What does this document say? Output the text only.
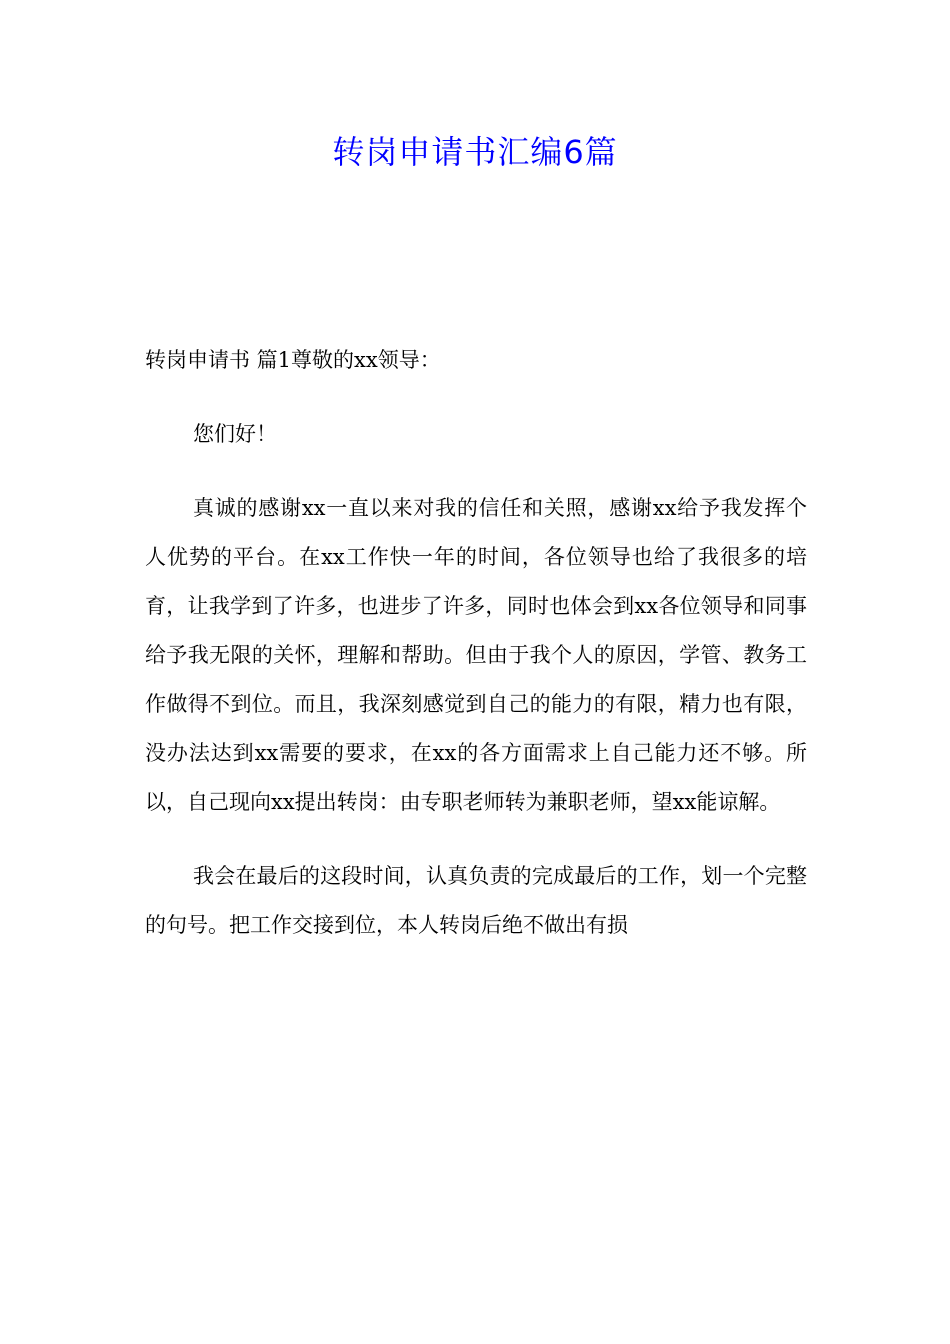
转岗申请书汇编6篇

转岗申请书 篇1尊敬的xx领导：

您们好！

真诚的感谢xx一直以来对我的信任和关照，感谢xx给予我发挥个人优势的平台。在xx工作快一年的时间，各位领导也给了我很多的培育，让我学到了许多，也进步了许多，同时也体会到xx各位领导和同事给予我无限的关怀，理解和帮助。但由于我个人的原因，学管、教务工作做得不到位。而且，我深刻感觉到自己的能力的有限，精力也有限，没办法达到xx需要的要求，在xx的各方面需求上自己能力还不够。所以，自己现向xx提出转岗：由专职老师转为兼职老师，望xx能谅解。

我会在最后的这段时间，认真负责的完成最后的工作，划一个完整的句号。把工作交接到位，本人转岗后绝不做出有损
